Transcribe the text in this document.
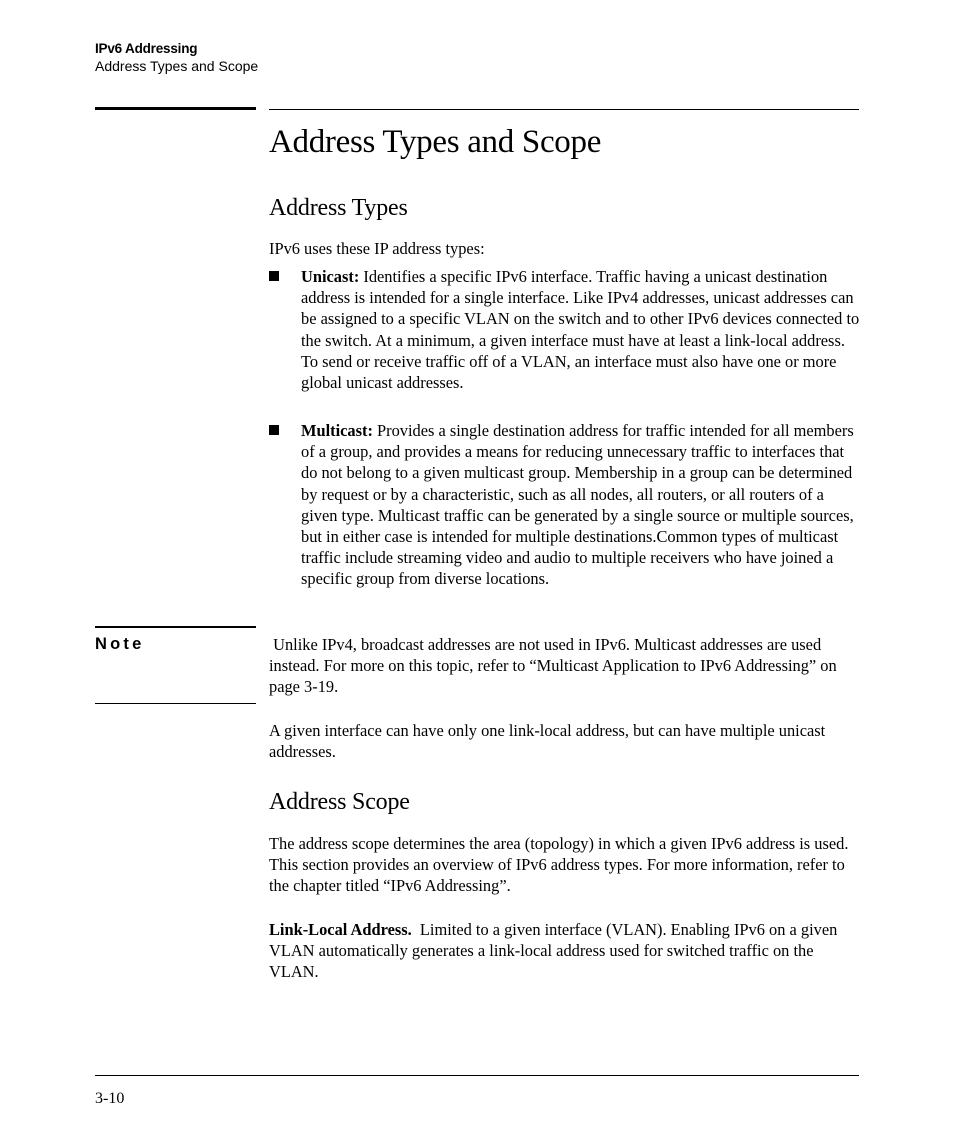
IPv6 Addressing
Address Types and Scope
Address Types and Scope
Address Types

IPv6 uses these IP address types:

Unicast: Identifies a specific IPv6 interface. Traffic having a unicast destination address is intended for a single interface. Like IPv4 addresses, unicast addresses can be assigned to a specific VLAN on the switch and to other IPv6 devices connected to the switch. At a minimum, a given interface must have at least a link-local address. To send or receive traffic off of a VLAN, an interface must also have one or more global unicast addresses.

Multicast: Provides a single destination address for traffic intended for all members of a group, and provides a means for reducing unnecessary traffic to interfaces that do not belong to a given multicast group. Membership in a group can be determined by request or by a characteristic, such as all nodes, all routers, or all routers of a given type. Multicast traffic can be generated by a single source or multiple sources, but in either case is intended for multiple destinations.Common types of multicast traffic include streaming video and audio to multiple receivers who have joined a specific group from diverse locations.

Note	Unlike IPv4, broadcast addresses are not used in IPv6. Multicast addresses are used instead. For more on this topic, refer to “Multicast Application to IPv6 Addressing” on page 3-19.

A given interface can have only one link-local address, but can have multiple unicast addresses.

Address Scope

The address scope determines the area (topology) in which a given IPv6 address is used. This section provides an overview of IPv6 address types. For more information, refer to the chapter titled “IPv6 Addressing”.

Link-Local Address.  Limited to a given interface (VLAN). Enabling IPv6 on a given VLAN automatically generates a link-local address used for switched traffic on the VLAN.

3-10
